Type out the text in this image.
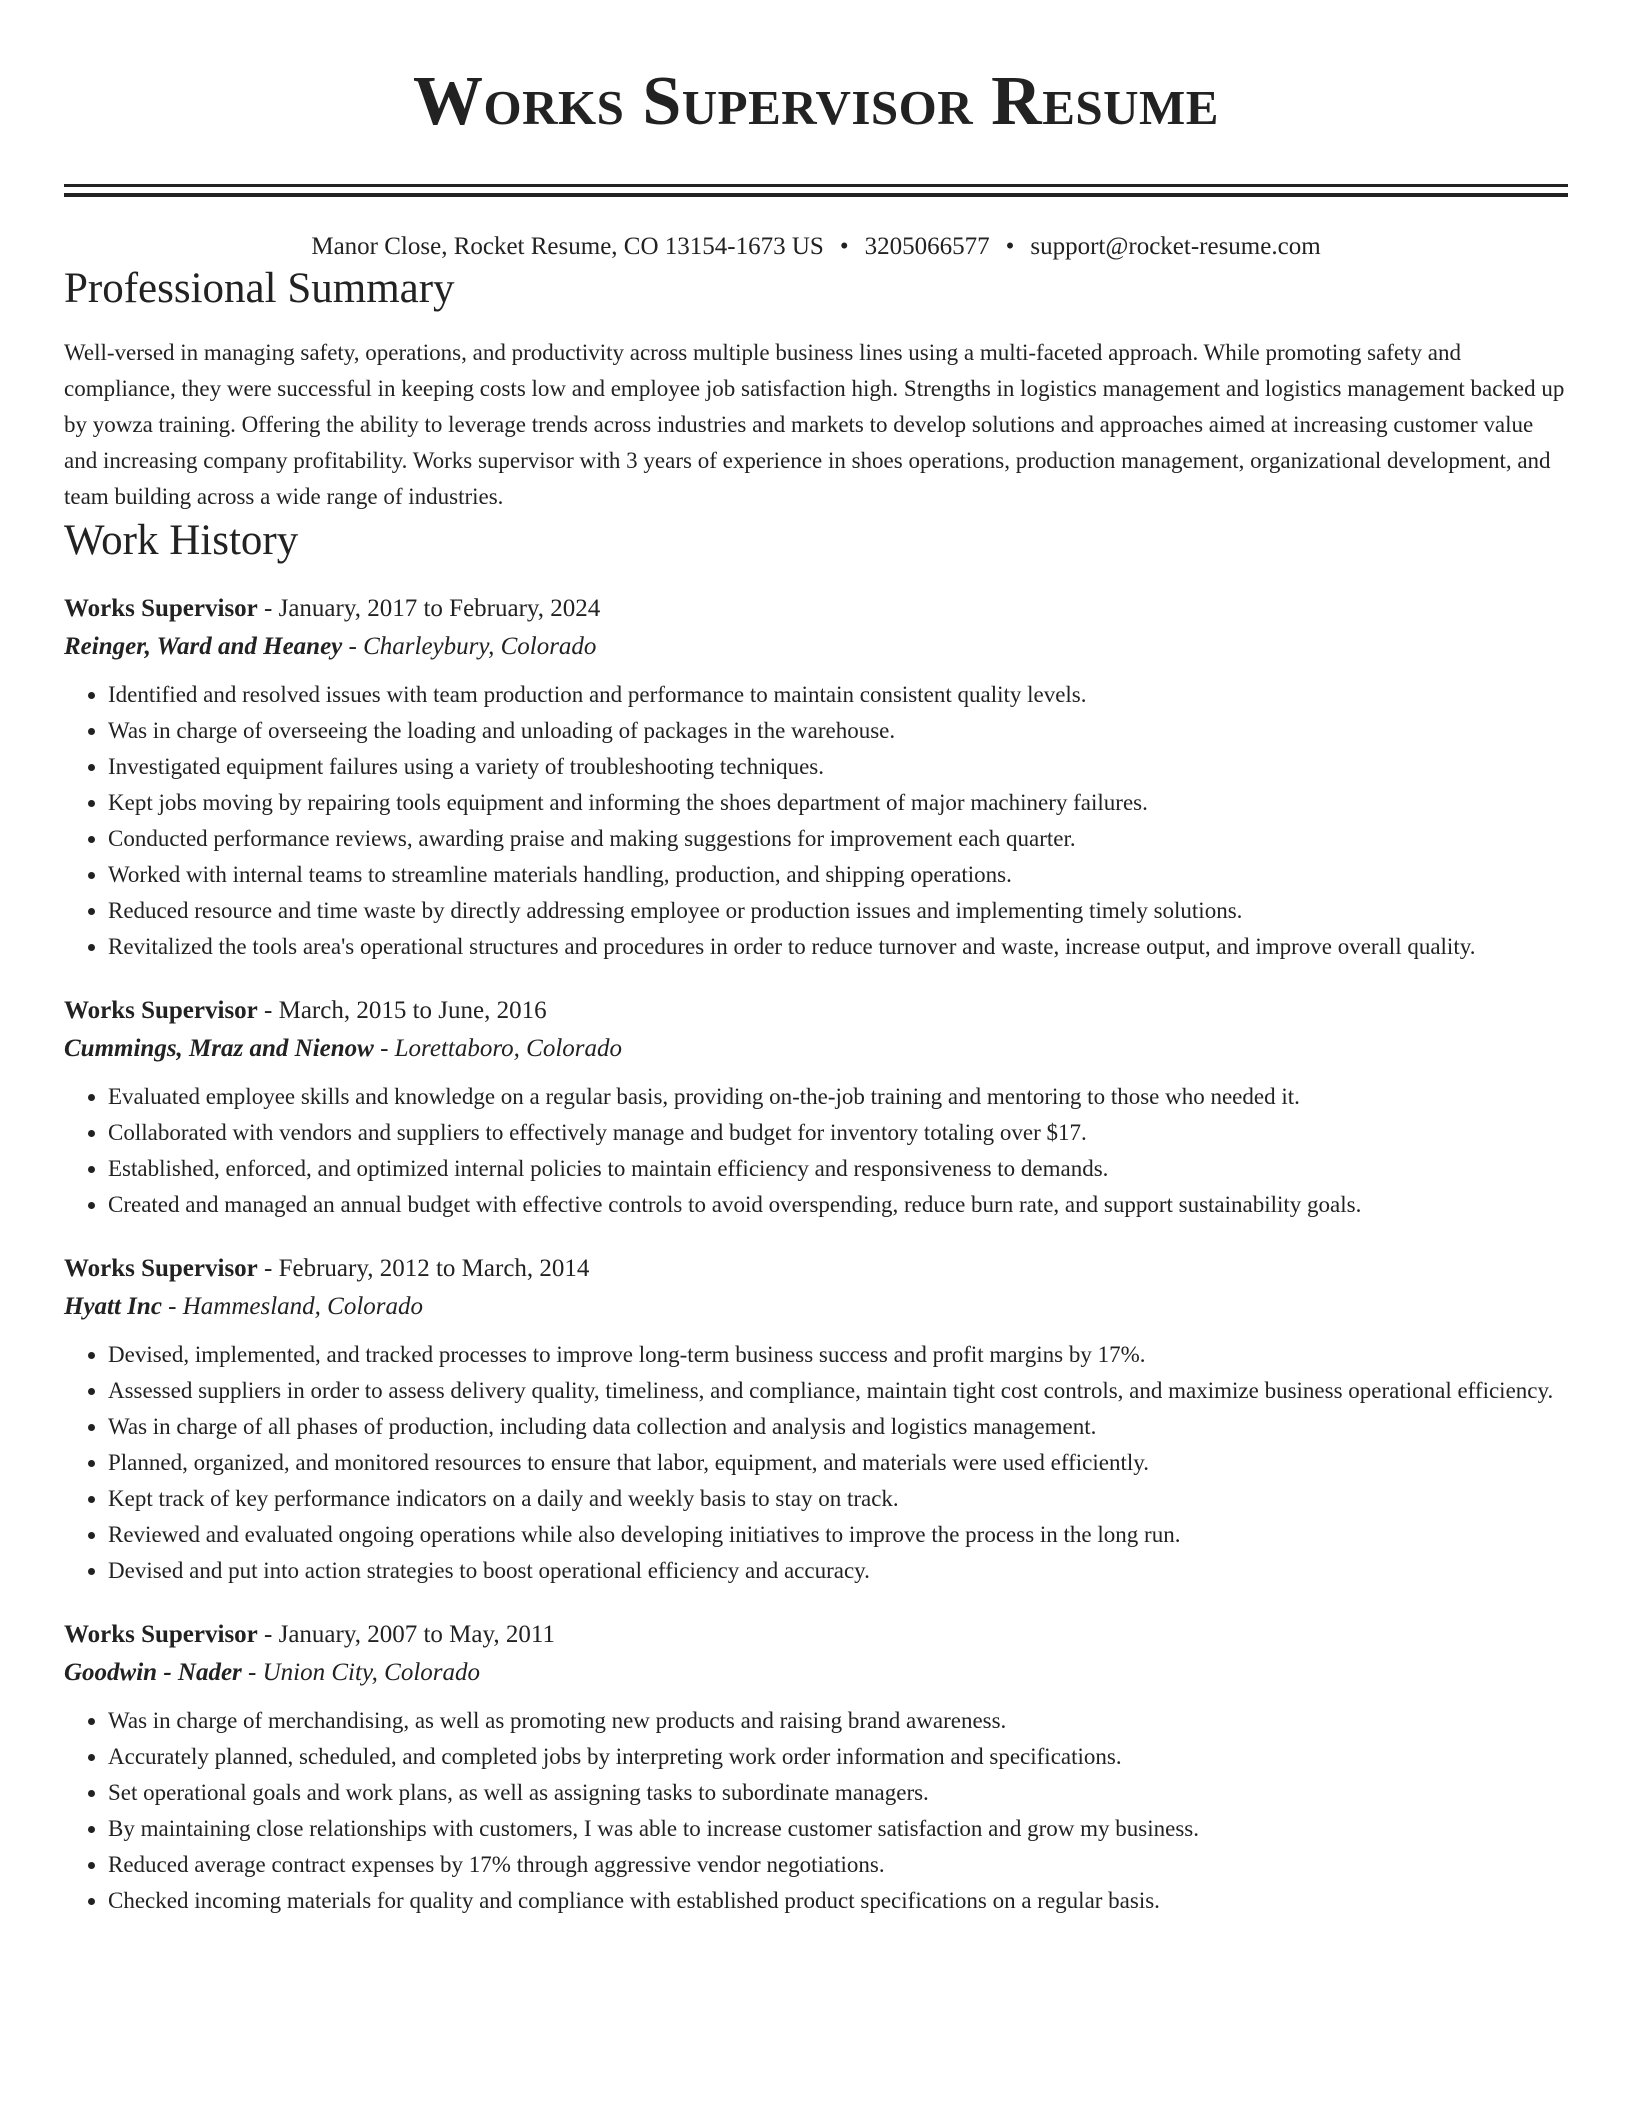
Works Supervisor Resume
Manor Close, Rocket Resume, CO 13154-1673 US • 3205066577 • support@rocket-resume.com
Professional Summary

Well-versed in managing safety, operations, and productivity across multiple business lines using a multi-faceted approach. While promoting safety and compliance, they were successful in keeping costs low and employee job satisfaction high. Strengths in logistics management and logistics management backed up by yowza training. Offering the ability to leverage trends across industries and markets to develop solutions and approaches aimed at increasing customer value and increasing company profitability. Works supervisor with 3 years of experience in shoes operations, production management, organizational development, and team building across a wide range of industries.

Work History
Works Supervisor - January, 2017 to February, 2024
Reinger, Ward and Heaney - Charleybury, Colorado
• Identified and resolved issues with team production and performance to maintain consistent quality levels.
• Was in charge of overseeing the loading and unloading of packages in the warehouse.
• Investigated equipment failures using a variety of troubleshooting techniques.
• Kept jobs moving by repairing tools equipment and informing the shoes department of major machinery failures.
• Conducted performance reviews, awarding praise and making suggestions for improvement each quarter.
• Worked with internal teams to streamline materials handling, production, and shipping operations.
• Reduced resource and time waste by directly addressing employee or production issues and implementing timely solutions.
• Revitalized the tools area's operational structures and procedures in order to reduce turnover and waste, increase output, and improve overall quality.
Works Supervisor - March, 2015 to June, 2016
Cummings, Mraz and Nienow - Lorettaboro, Colorado
• Evaluated employee skills and knowledge on a regular basis, providing on-the-job training and mentoring to those who needed it.
• Collaborated with vendors and suppliers to effectively manage and budget for inventory totaling over $17.
• Established, enforced, and optimized internal policies to maintain efficiency and responsiveness to demands.
• Created and managed an annual budget with effective controls to avoid overspending, reduce burn rate, and support sustainability goals.
Works Supervisor - February, 2012 to March, 2014
Hyatt Inc - Hammesland, Colorado
• Devised, implemented, and tracked processes to improve long-term business success and profit margins by 17%.
• Assessed suppliers in order to assess delivery quality, timeliness, and compliance, maintain tight cost controls, and maximize business operational efficiency.
• Was in charge of all phases of production, including data collection and analysis and logistics management.
• Planned, organized, and monitored resources to ensure that labor, equipment, and materials were used efficiently.
• Kept track of key performance indicators on a daily and weekly basis to stay on track.
• Reviewed and evaluated ongoing operations while also developing initiatives to improve the process in the long run.
• Devised and put into action strategies to boost operational efficiency and accuracy.
Works Supervisor - January, 2007 to May, 2011
Goodwin - Nader - Union City, Colorado
• Was in charge of merchandising, as well as promoting new products and raising brand awareness.
• Accurately planned, scheduled, and completed jobs by interpreting work order information and specifications.
• Set operational goals and work plans, as well as assigning tasks to subordinate managers.
• By maintaining close relationships with customers, I was able to increase customer satisfaction and grow my business.
• Reduced average contract expenses by 17% through aggressive vendor negotiations.
• Checked incoming materials for quality and compliance with established product specifications on a regular basis.
